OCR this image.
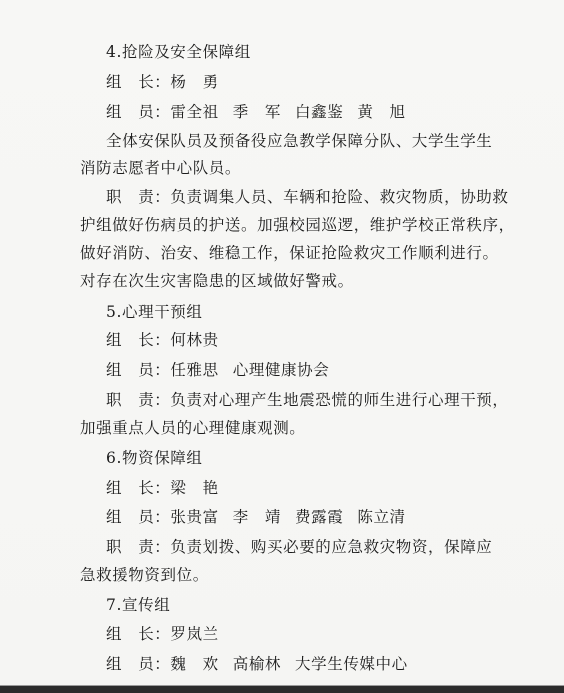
4.抢险及安全保障组
组　长：杨　勇
组　员：雷全祖 季　军 白鑫鉴 黄　旭
全体安保队员及预备役应急教学保障分队、大学生学生
消防志愿者中心队员。
职　责：负责调集人员、车辆和抢险、救灾物质，协助救
护组做好伤病员的护送。加强校园巡逻，维护学校正常秩序，
做好消防、治安、维稳工作，保证抢险救灾工作顺利进行。
对存在次生灾害隐患的区域做好警戒。
5.心理干预组
组　长：何林贵
组　员：任雅思 心理健康协会
职　责：负责对心理产生地震恐慌的师生进行心理干预，
加强重点人员的心理健康观测。
6.物资保障组
组　长：梁　艳
组　员：张贵富 李　靖 费露霞 陈立清
职　责：负责划拨、购买必要的应急救灾物资，保障应
急救援物资到位。
7.宣传组
组　长：罗岚兰
组　员：魏　欢 高榆林 大学生传媒中心
